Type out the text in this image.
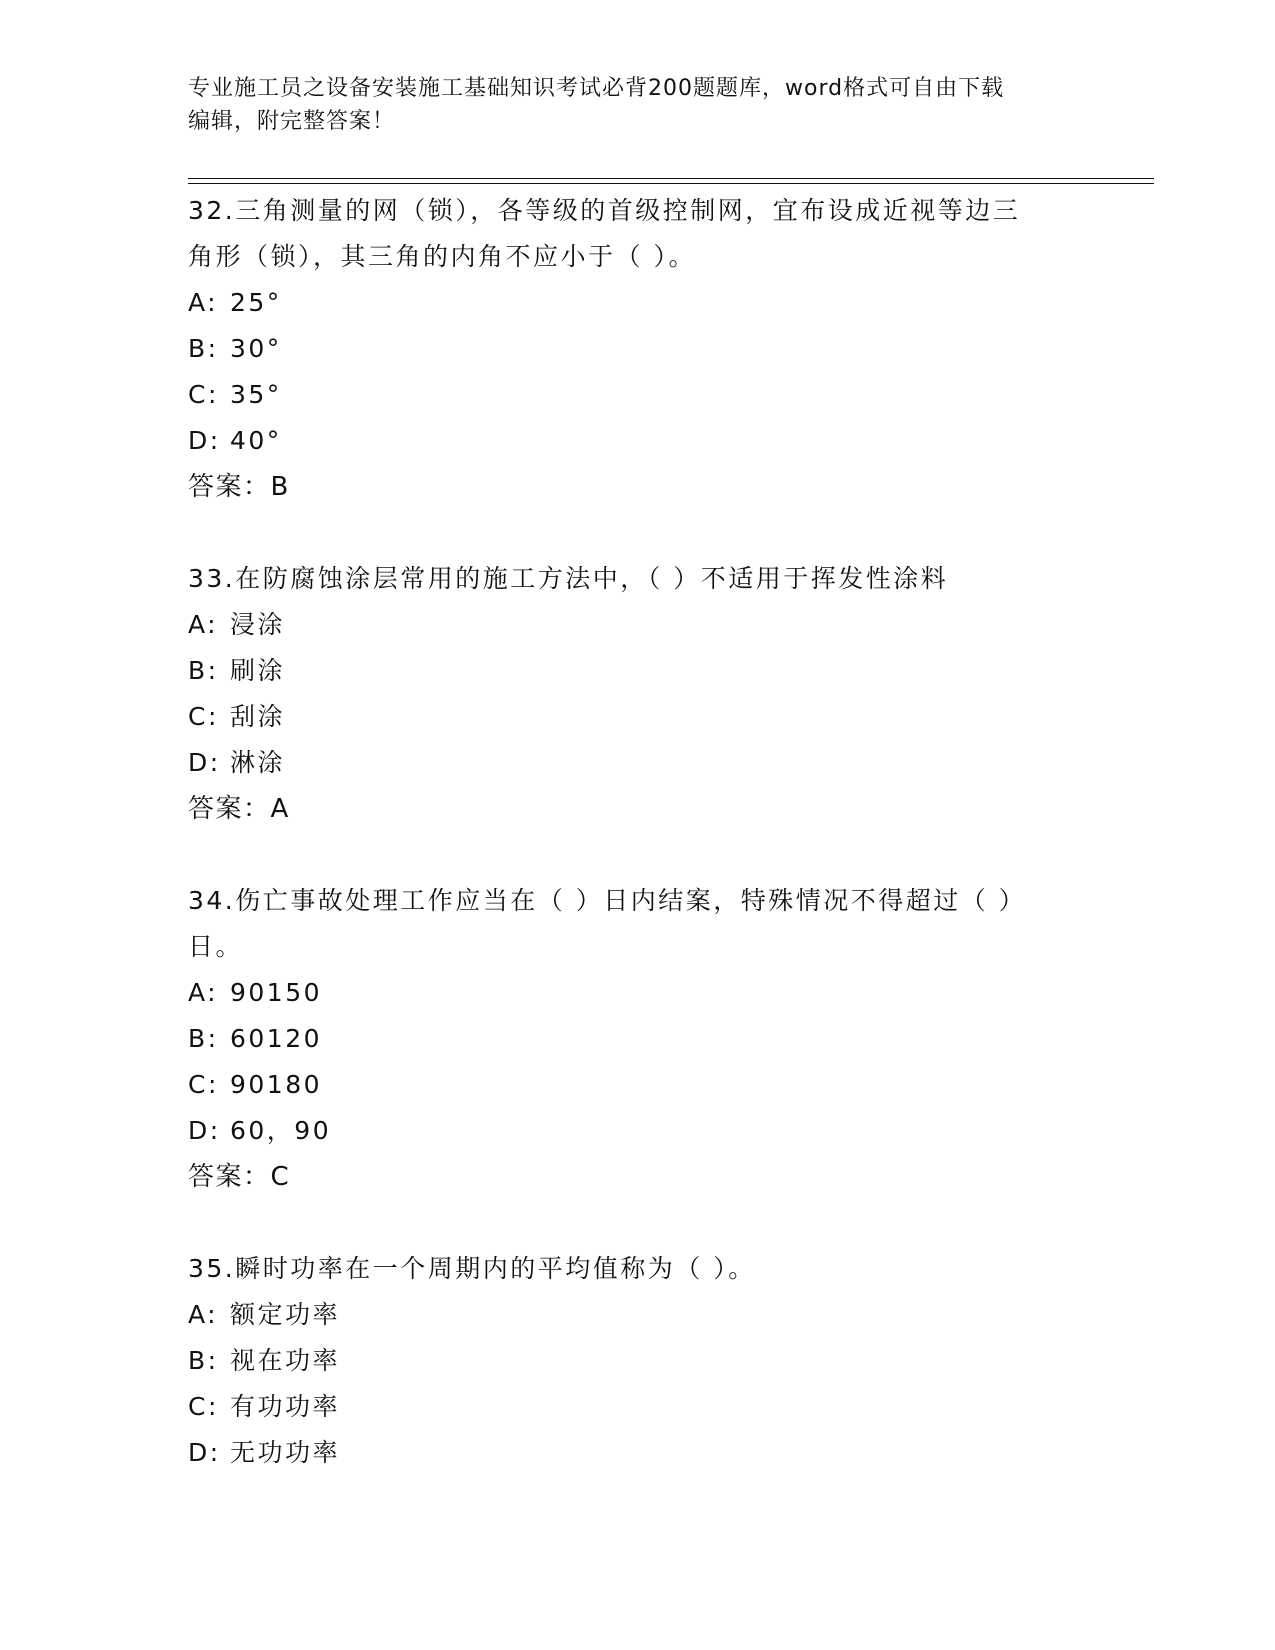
专业施工员之设备安装施工基础知识考试必背200题题库，word格式可自由下载
编辑，附完整答案！
32.三角测量的网（锁），各等级的首级控制网，宜布设成近视等边三
角形（锁），其三角的内角不应小于（ ）。
A: 25°
B: 30°
C: 35°
D: 40°
答案：B
33.在防腐蚀涂层常用的施工方法中，（ ）不适用于挥发性涂料
A: 浸涂
B: 刷涂
C: 刮涂
D: 淋涂
答案：A
34.伤亡事故处理工作应当在（ ）日内结案，特殊情况不得超过（ ）
日。
A: 90150
B: 60120
C: 90180
D: 60，90
答案：C
35.瞬时功率在一个周期内的平均值称为（ ）。
A: 额定功率
B: 视在功率
C: 有功功率
D: 无功功率
